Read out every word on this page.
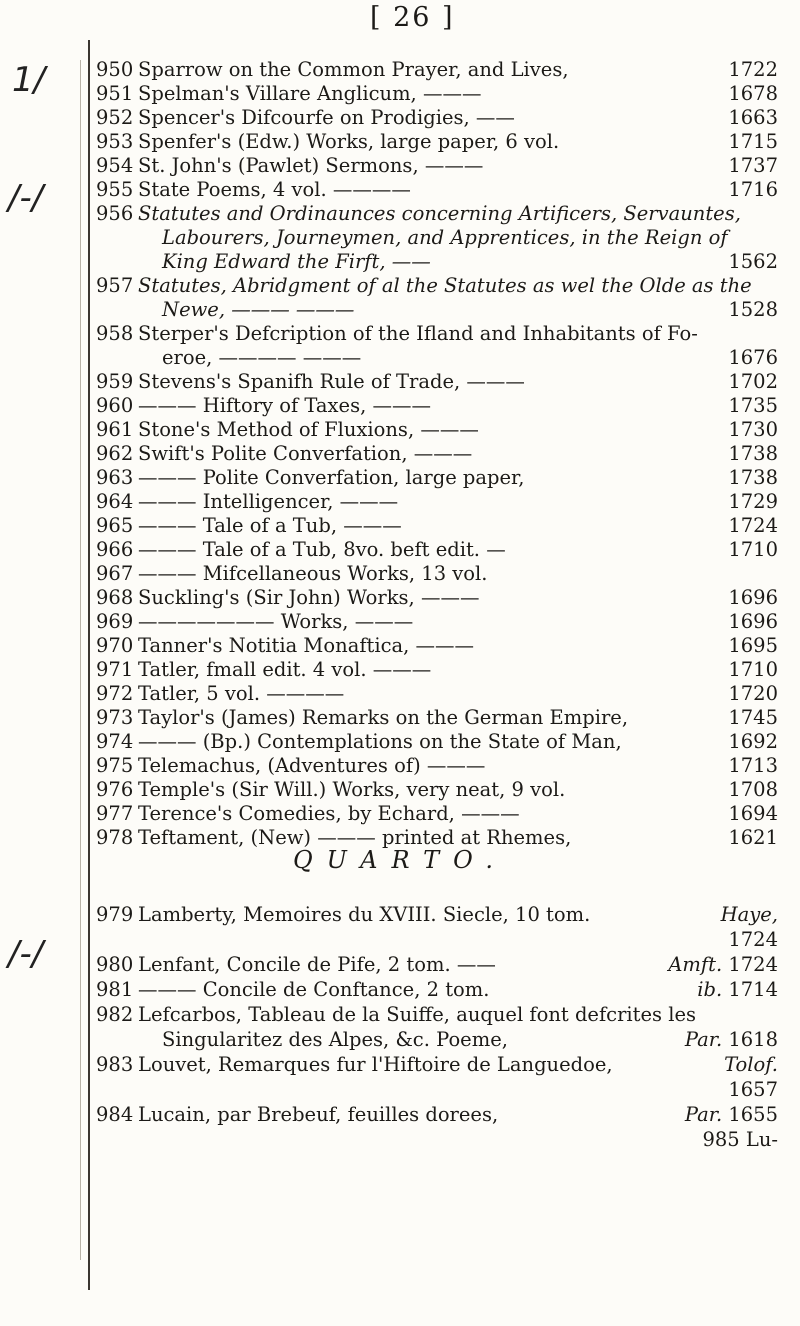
[ 26 ]
1/
/-/
/-/
950 Sparrow on the Common Prayer, and Lives,	1722
951 Spelman's Villare Anglicum, ———	1678
952 Spencer's Difcourfe on Prodigies, ——	1663
953 Spenfer's (Edw.) Works, large paper, 6 vol.	1715
954 St. John's (Pawlet) Sermons, ———	1737
955 State Poems, 4 vol. ————	1716
956 Statutes and Ordinaunces concerning Artificers, Servauntes,
Labourers, Journeymen, and Apprentices, in the Reign of
King Edward the Firft, ——	1562
957 Statutes, Abridgment of al the Statutes as wel the Olde as the
Newe, ——— ———	1528
958 Sterper's Defcription of the Ifland and Inhabitants of Fo-
eroe, ———— ———	1676
959 Stevens's Spanifh Rule of Trade, ———	1702
960 ——— Hiftory of Taxes, ———	1735
961 Stone's Method of Fluxions, ———	1730
962 Swift's Polite Converfation, ———	1738
963 ——— Polite Converfation, large paper,	1738
964 ——— Intelligencer, ———	1729
965 ——— Tale of a Tub, ———	1724
966 ——— Tale of a Tub, 8vo. beft edit. —	1710
967 ——— Mifcellaneous Works, 13 vol.
968 Suckling's (Sir John) Works, ———	1696
969 ——————— Works, ———	1696
970 Tanner's Notitia Monaftica, ———	1695
971 Tatler, fmall edit. 4 vol. ———	1710
972 Tatler, 5 vol. ————	1720
973 Taylor's (James) Remarks on the German Empire,	1745
974 ——— (Bp.) Contemplations on the State of Man,	1692
975 Telemachus, (Adventures of) ———	1713
976 Temple's (Sir Will.) Works, very neat, 9 vol.	1708
977 Terence's Comedies, by Echard, ———	1694
978 Teftament, (New) ——— printed at Rhemes,	1621
QUARTO.
979 Lamberty, Memoires du XVIII. Siecle, 10 tom.	Haye,
1724
980 Lenfant, Concile de Pife, 2 tom. ——	Amft. 1724
981 ——— Concile de Conftance, 2 tom.	ib. 1714
982 Lefcarbos, Tableau de la Suiffe, auquel font defcrites les
Singularitez des Alpes, &c. Poeme,	Par. 1618
983 Louvet, Remarques fur l'Hiftoire de Languedoe,	Tolof.
1657
984 Lucain, par Brebeuf, feuilles dorees,	Par. 1655
985 Lu-
